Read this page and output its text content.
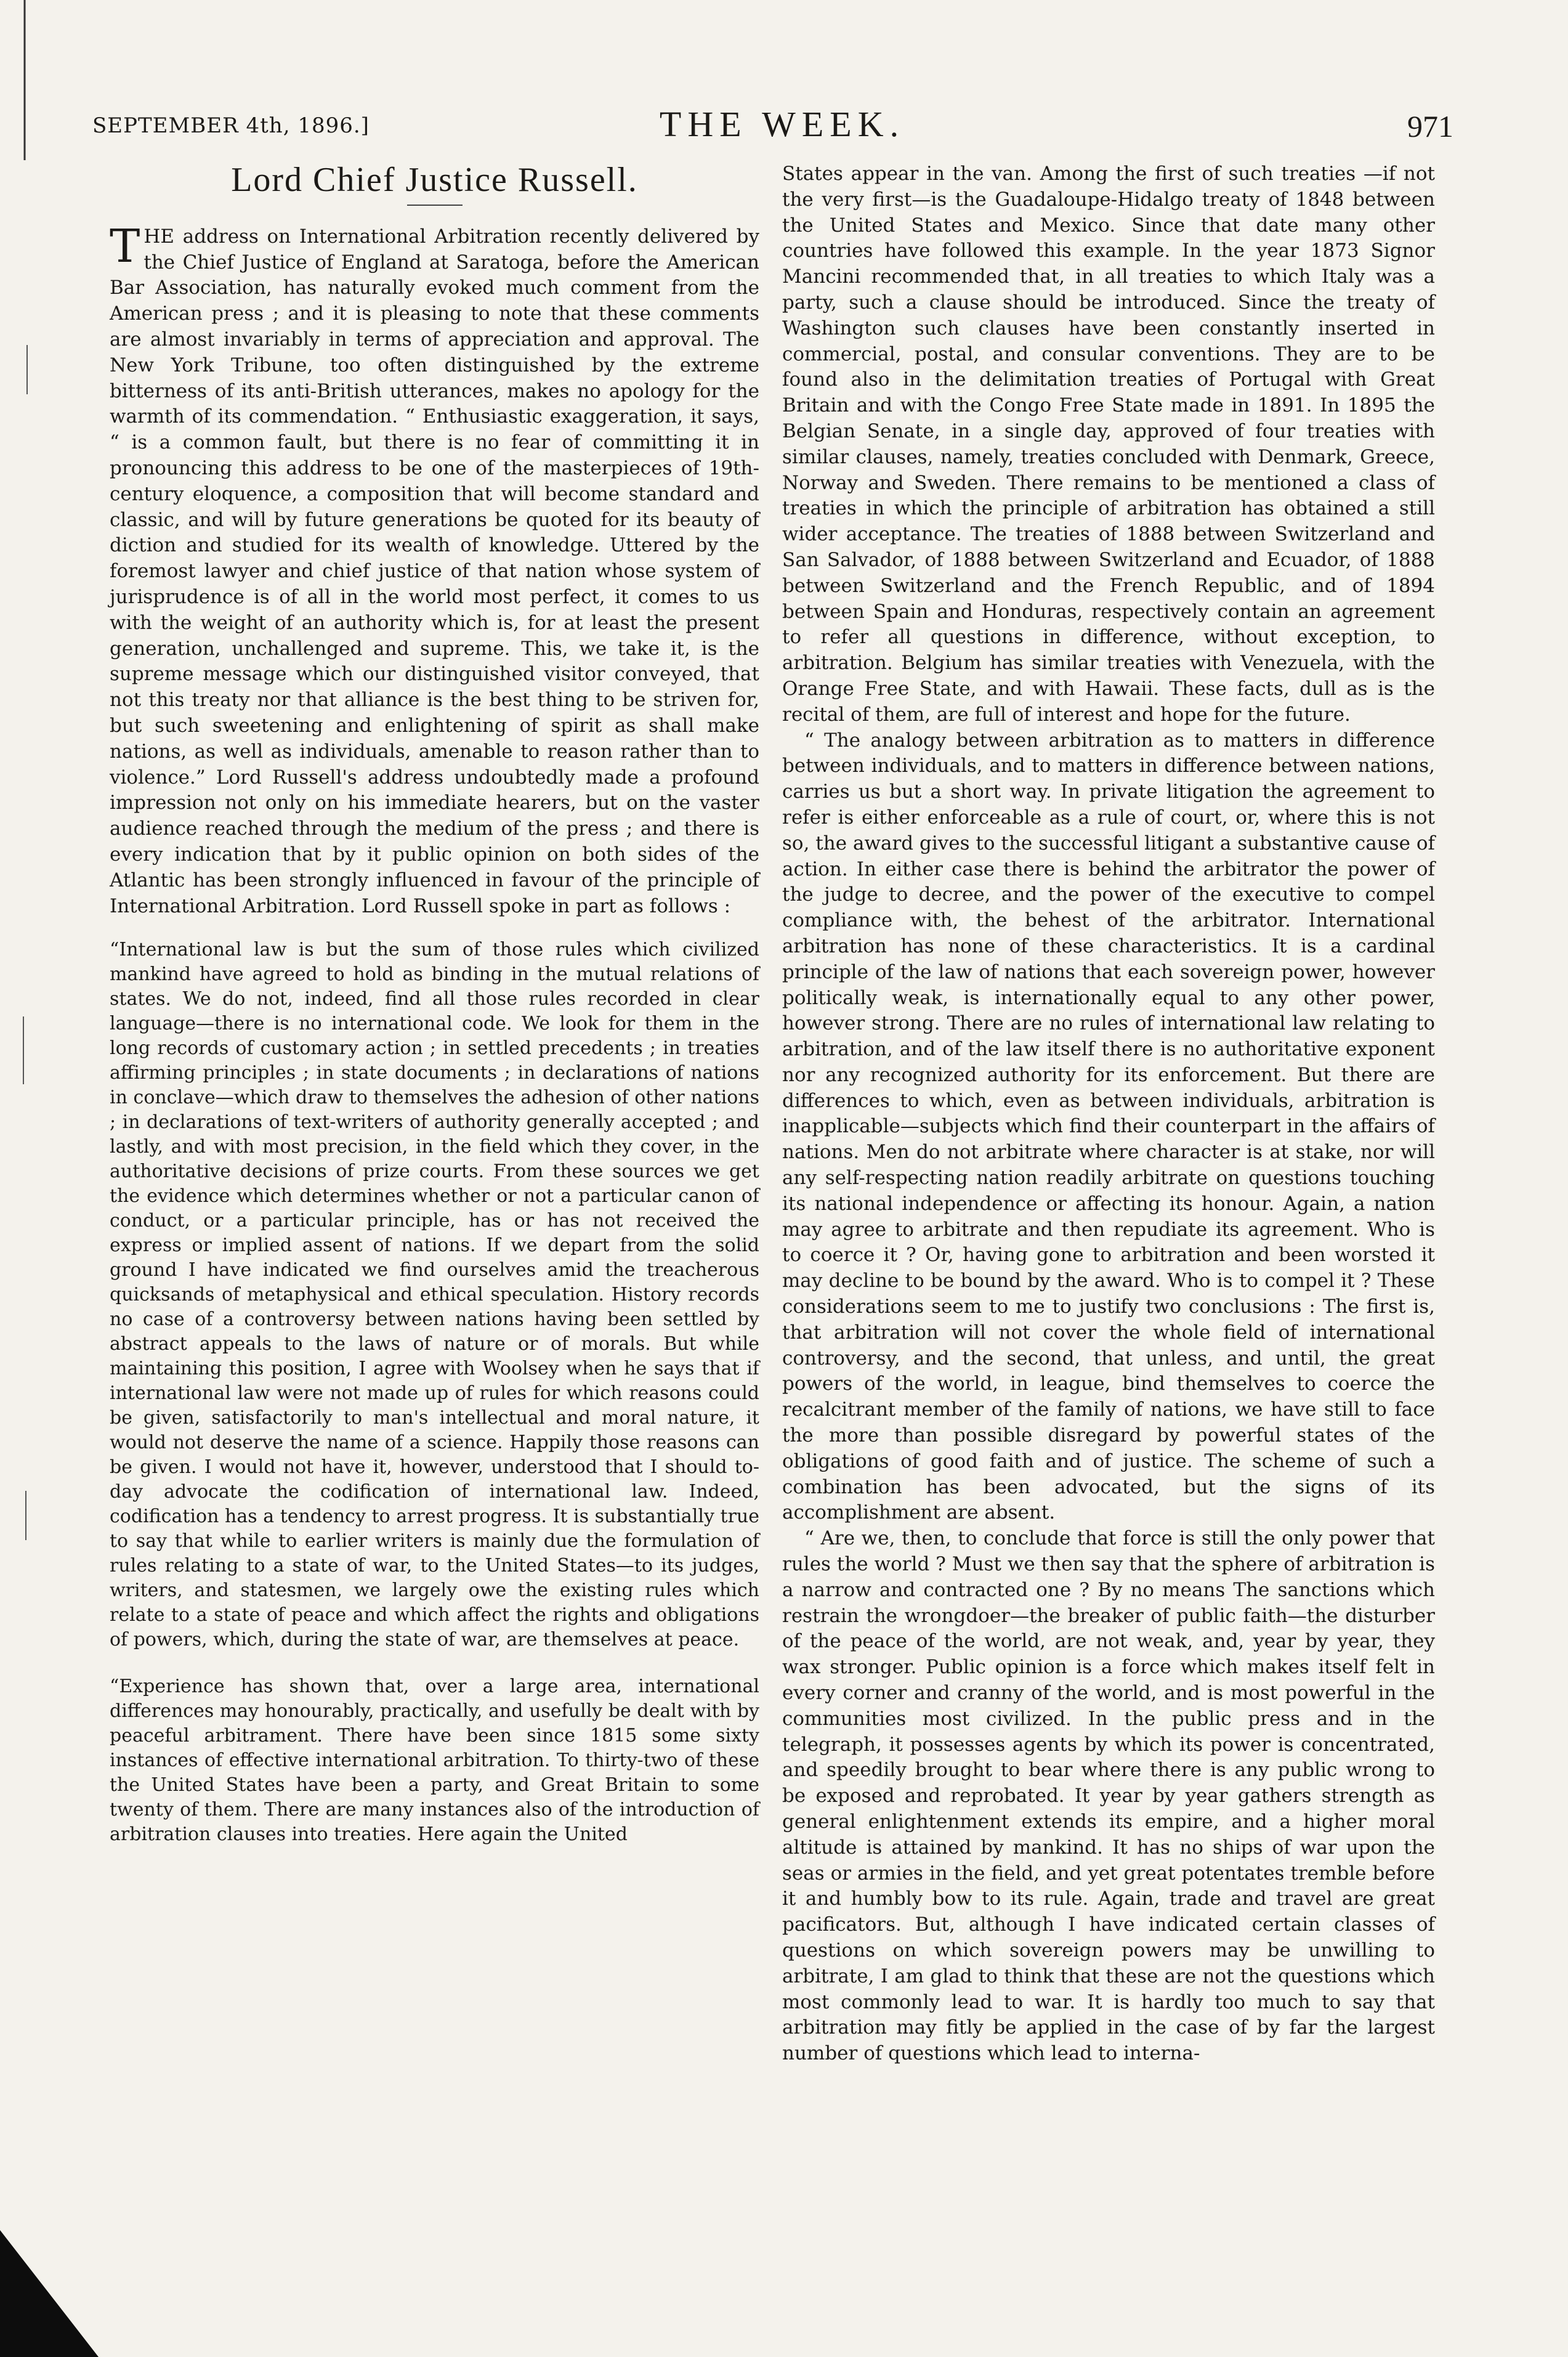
SEPTEMBER 4th, 1896.]	THE WEEK.	971
Lord Chief Justice Russell.

THE address on International Arbitration recently delivered by the Chief Justice of England at Saratoga, before the American Bar Association, has naturally evoked much comment from the American press ; and it is pleasing to note that these comments are almost invariably in terms of appreciation and approval. The New York Tribune, too often distinguished by the extreme bitterness of its anti-British utterances, makes no apology for the warmth of its commendation. “ Enthusiastic exaggeration, it says, “ is a common fault, but there is no fear of committing it in pronouncing this address to be one of the masterpieces of 19th-century eloquence, a composition that will become standard and classic, and will by future generations be quoted for its beauty of diction and studied for its wealth of knowledge. Uttered by the foremost lawyer and chief justice of that nation whose system of jurisprudence is of all in the world most perfect, it comes to us with the weight of an authority which is, for at least the present generation, unchallenged and supreme. This, we take it, is the supreme message which our distinguished visitor conveyed, that not this treaty nor that alliance is the best thing to be striven for, but such sweetening and enlightening of spirit as shall make nations, as well as individuals, amenable to reason rather than to violence.” Lord Russell's address undoubtedly made a profound impression not only on his immediate hearers, but on the vaster audience reached through the medium of the press ; and there is every indication that by it public opinion on both sides of the Atlantic has been strongly influenced in favour of the principle of International Arbitration. Lord Russell spoke in part as follows :

“International law is but the sum of those rules which civilized mankind have agreed to hold as binding in the mutual relations of states. We do not, indeed, find all those rules recorded in clear language—there is no international code. We look for them in the long records of customary action ; in settled precedents ; in treaties affirming principles ; in state documents ; in declarations of nations in conclave—which draw to themselves the adhesion of other nations ; in declarations of text-writers of authority generally accepted ; and lastly, and with most precision, in the field which they cover, in the authoritative decisions of prize courts. From these sources we get the evidence which determines whether or not a particular canon of conduct, or a particular principle, has or has not received the express or implied assent of nations. If we depart from the solid ground I have indicated we find ourselves amid the treacherous quicksands of metaphysical and ethical speculation. History records no case of a controversy between nations having been settled by abstract appeals to the laws of nature or of morals. But while maintaining this position, I agree with Woolsey when he says that if international law were not made up of rules for which reasons could be given, satisfactorily to man's intellectual and moral nature, it would not deserve the name of a science. Happily those reasons can be given. I would not have it, however, understood that I should to-day advocate the codification of international law. Indeed, codification has a tendency to arrest progress. It is substantially true to say that while to earlier writers is mainly due the formulation of rules relating to a state of war, to the United States—to its judges, writers, and statesmen, we largely owe the existing rules which relate to a state of peace and which affect the rights and obligations of powers, which, during the state of war, are themselves at peace.

“Experience has shown that, over a large area, international differences may honourably, practically, and usefully be dealt with by peaceful arbitrament. There have been since 1815 some sixty instances of effective international arbitration. To thirty-two of these the United States have been a party, and Great Britain to some twenty of them. There are many instances also of the introduction of arbitration clauses into treaties. Here again the United

States appear in the van. Among the first of such treaties —if not the very first—is the Guadaloupe-Hidalgo treaty of 1848 between the United States and Mexico. Since that date many other countries have followed this example. In the year 1873 Signor Mancini recommended that, in all treaties to which Italy was a party, such a clause should be introduced. Since the treaty of Washington such clauses have been constantly inserted in commercial, postal, and consular conventions. They are to be found also in the delimitation treaties of Portugal with Great Britain and with the Congo Free State made in 1891. In 1895 the Belgian Senate, in a single day, approved of four treaties with similar clauses, namely, treaties concluded with Denmark, Greece, Norway and Sweden. There remains to be mentioned a class of treaties in which the principle of arbitration has obtained a still wider acceptance. The treaties of 1888 between Switzerland and San Salvador, of 1888 between Switzerland and Ecuador, of 1888 between Switzerland and the French Republic, and of 1894 between Spain and Honduras, respectively contain an agreement to refer all questions in difference, without exception, to arbitration. Belgium has similar treaties with Venezuela, with the Orange Free State, and with Hawaii. These facts, dull as is the recital of them, are full of interest and hope for the future.

“ The analogy between arbitration as to matters in difference between individuals, and to matters in difference between nations, carries us but a short way. In private litigation the agreement to refer is either enforceable as a rule of court, or, where this is not so, the award gives to the successful litigant a substantive cause of action. In either case there is behind the arbitrator the power of the judge to decree, and the power of the executive to compel compliance with, the behest of the arbitrator. International arbitration has none of these characteristics. It is a cardinal principle of the law of nations that each sovereign power, however politically weak, is internationally equal to any other power, however strong. There are no rules of international law relating to arbitration, and of the law itself there is no authoritative exponent nor any recognized authority for its enforcement. But there are differences to which, even as between individuals, arbitration is inapplicable—subjects which find their counterpart in the affairs of nations. Men do not arbitrate where character is at stake, nor will any self-respecting nation readily arbitrate on questions touching its national independence or affecting its honour. Again, a nation may agree to arbitrate and then repudiate its agreement. Who is to coerce it ? Or, having gone to arbitration and been worsted it may decline to be bound by the award. Who is to compel it ? These considerations seem to me to justify two conclusions : The first is, that arbitration will not cover the whole field of international controversy, and the second, that unless, and until, the great powers of the world, in league, bind themselves to coerce the recalcitrant member of the family of nations, we have still to face the more than possible disregard by powerful states of the obligations of good faith and of justice. The scheme of such a combination has been advocated, but the signs of its accomplishment are absent.

“ Are we, then, to conclude that force is still the only power that rules the world ? Must we then say that the sphere of arbitration is a narrow and contracted one ? By no means The sanctions which restrain the wrongdoer—the breaker of public faith—the disturber of the peace of the world, are not weak, and, year by year, they wax stronger. Public opinion is a force which makes itself felt in every corner and cranny of the world, and is most powerful in the communities most civilized. In the public press and in the telegraph, it possesses agents by which its power is concentrated, and speedily brought to bear where there is any public wrong to be exposed and reprobated. It year by year gathers strength as general enlightenment extends its empire, and a higher moral altitude is attained by mankind. It has no ships of war upon the seas or armies in the field, and yet great potentates tremble before it and humbly bow to its rule. Again, trade and travel are great pacificators. But, although I have indicated certain classes of questions on which sovereign powers may be unwilling to arbitrate, I am glad to think that these are not the questions which most commonly lead to war. It is hardly too much to say that arbitration may fitly be applied in the case of by far the largest number of questions which lead to interna-
